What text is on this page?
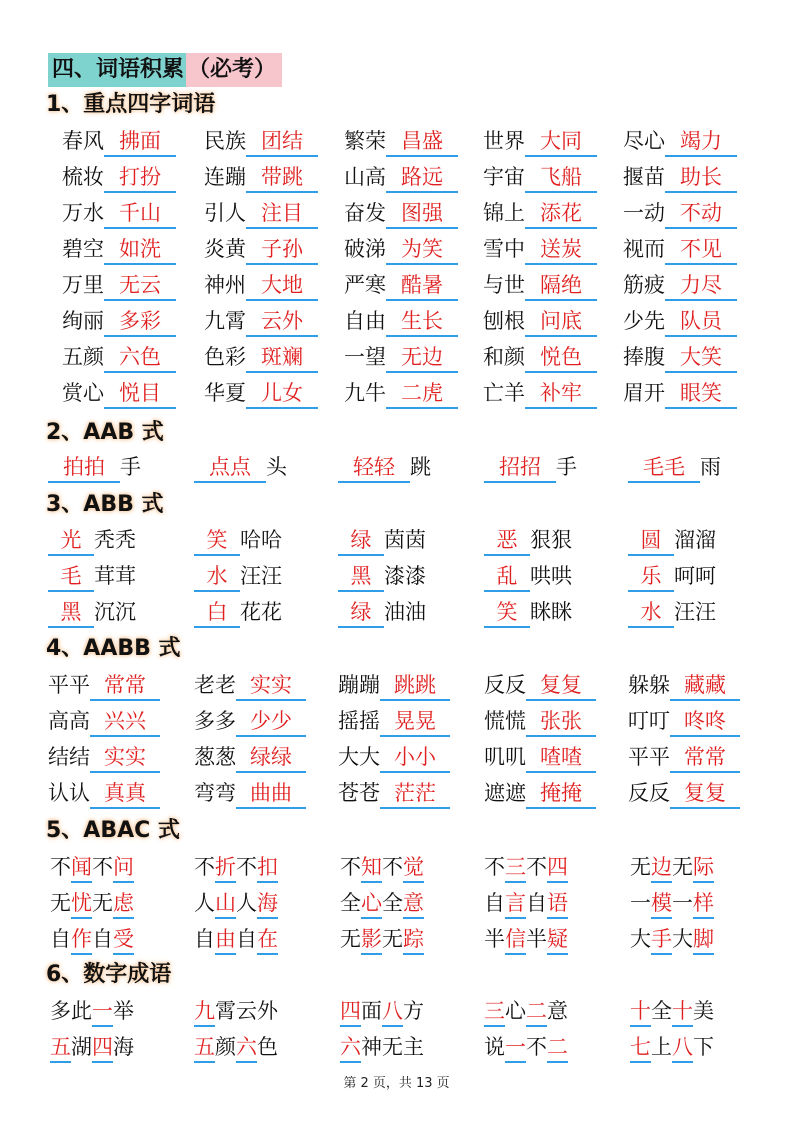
四、词语积累 （必考）
1、重点四字词语
春风 拂面	民族 团结	繁荣 昌盛	世界 大同	尽心 竭力
梳妆 打扮	连蹦 带跳	山高 路远	宇宙 飞船	揠苗 助长
万水 千山	引人 注目	奋发 图强	锦上 添花	一动 不动
碧空 如洗	炎黄 子孙	破涕 为笑	雪中 送炭	视而 不见
万里 无云	神州 大地	严寒 酷暑	与世 隔绝	筋疲 力尽
绚丽 多彩	九霄 云外	自由 生长	刨根 问底	少先 队员
五颜 六色	色彩 斑斓	一望 无边	和颜 悦色	捧腹 大笑
赏心 悦目	华夏 儿女	九牛 二虎	亡羊 补牢	眉开 眼笑
2、AAB 式
拍拍 手	点点 头	轻轻 跳	招招 手	毛毛 雨
3、ABB 式
光 秃秃	笑 哈哈	绿 茵茵	恶 狠狠	圆 溜溜
毛 茸茸	水 汪汪	黑 漆漆	乱 哄哄	乐 呵呵
黑 沉沉	白 花花	绿 油油	笑 眯眯	水 汪汪
4、AABB 式
平平 常常	老老 实实	蹦蹦 跳跳	反反 复复	躲躲 藏藏
高高 兴兴	多多 少少	摇摇 晃晃	慌慌 张张	叮叮 咚咚
结结 实实	葱葱 绿绿	大大 小小	叽叽 喳喳	平平 常常
认认 真真	弯弯 曲曲	苍苍 茫茫	遮遮 掩掩	反反 复复
5、ABAC 式
不闻不问	不折不扣	不知不觉	不三不四	无边无际
无忧无虑	人山人海	全心全意	自言自语	一模一样
自作自受	自由自在	无影无踪	半信半疑	大手大脚
6、数字成语
多此一举	九霄云外	四面八方	三心二意	十全十美
五湖四海	五颜六色	六神无主	说一不二	七上八下
第 2 页，共 13 页
